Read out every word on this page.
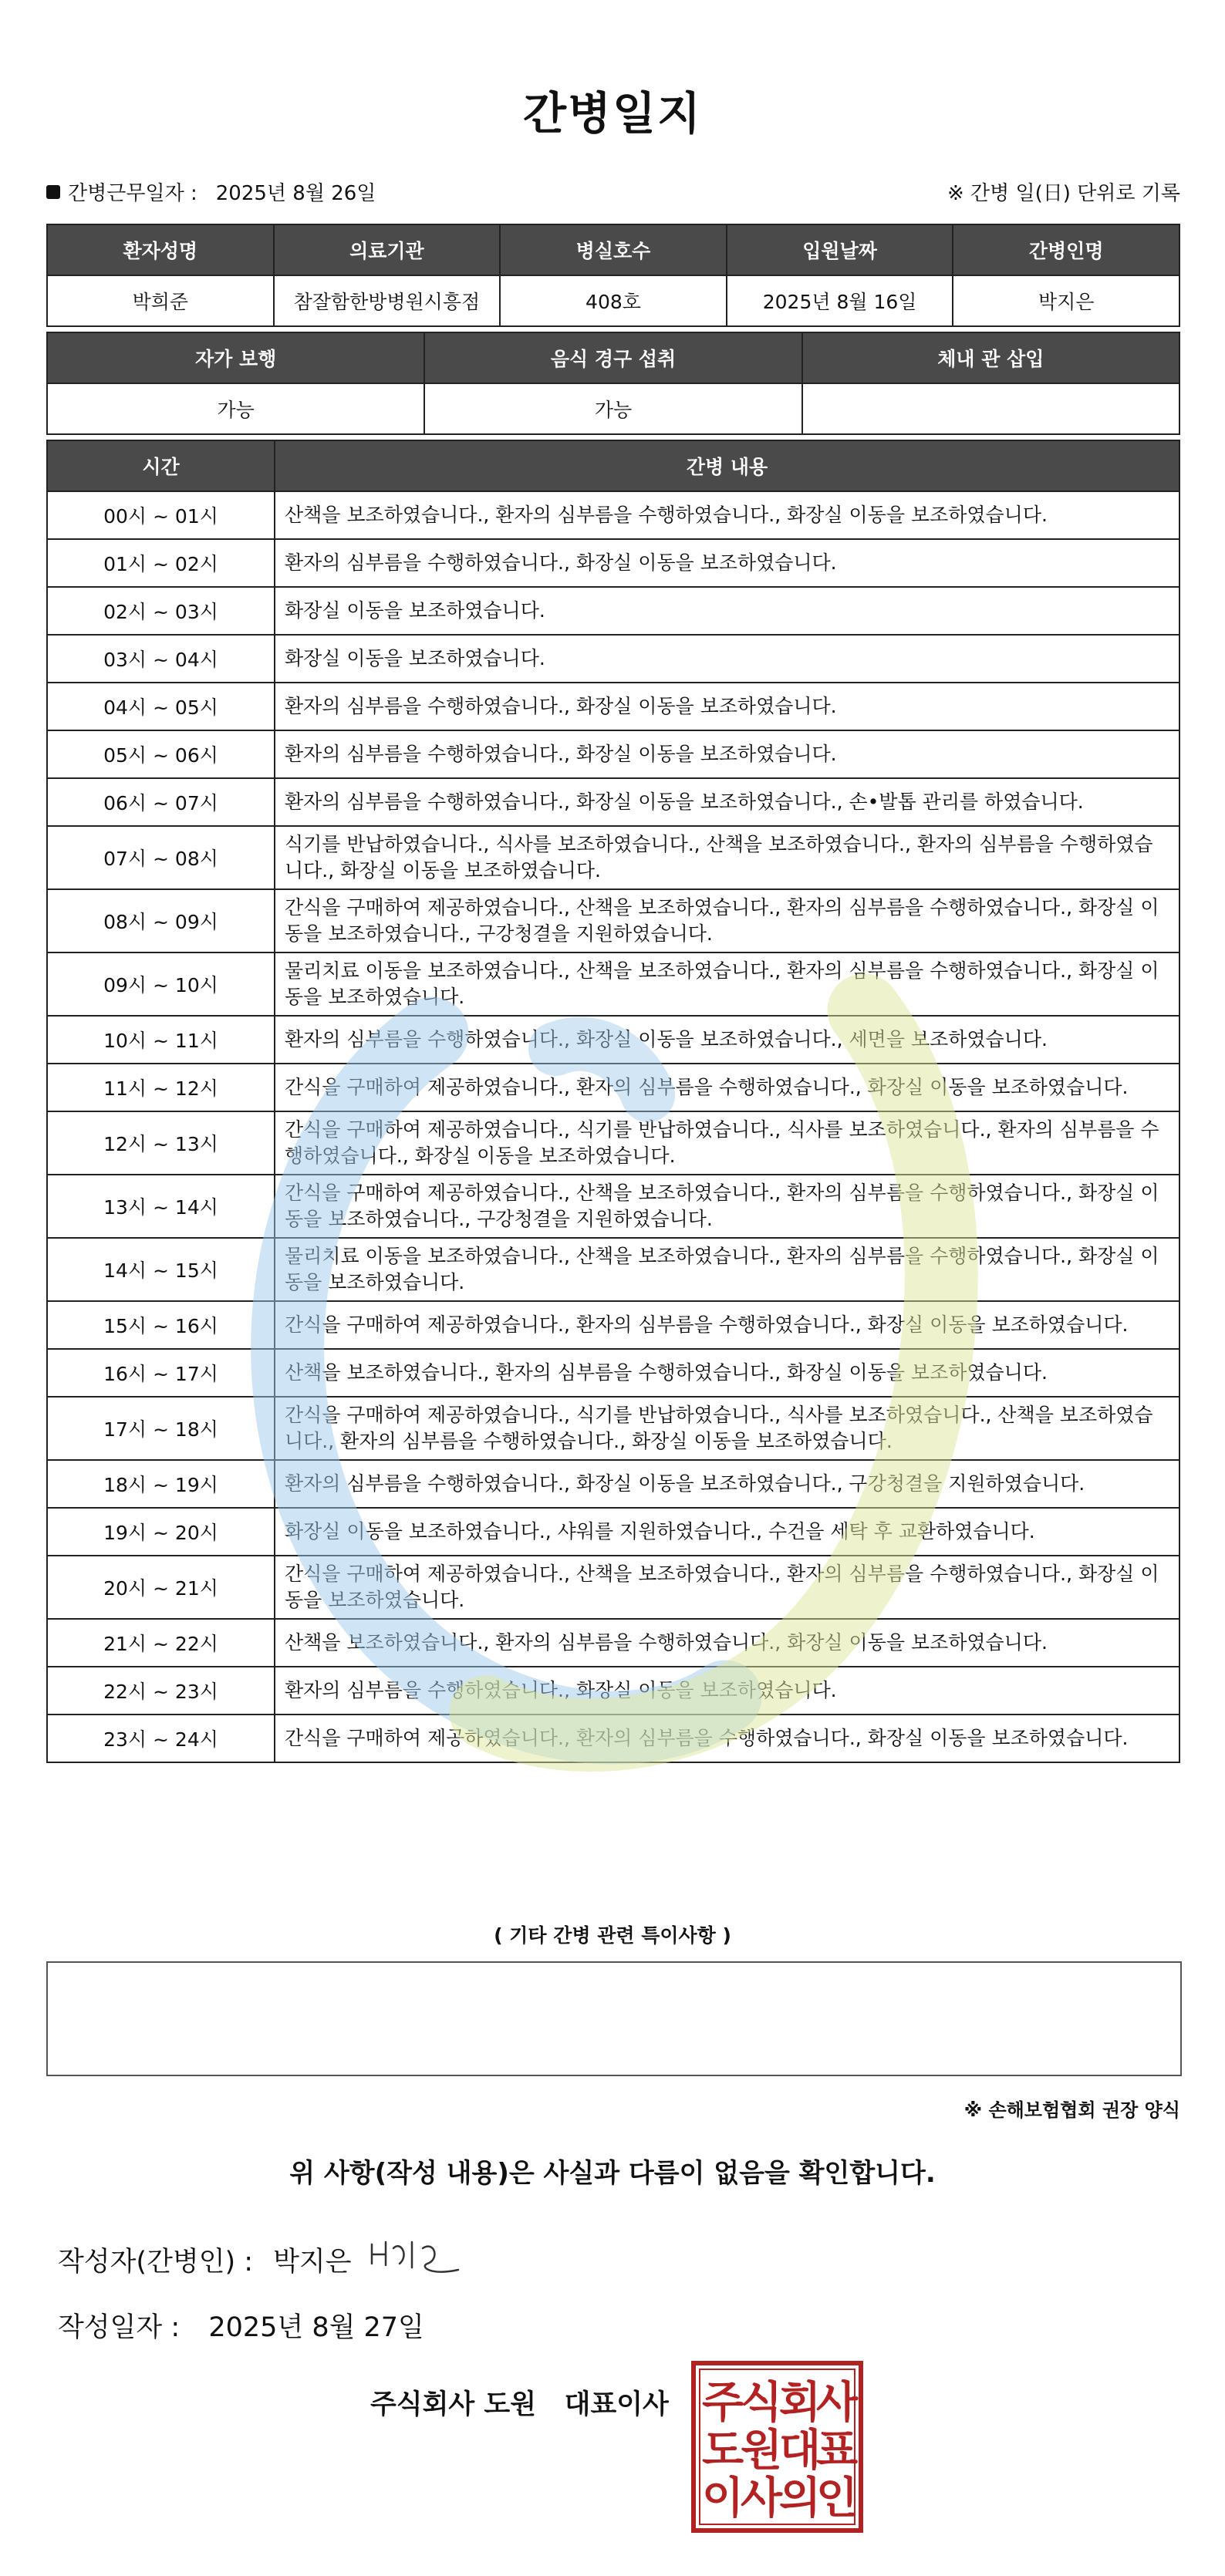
간병일지
간병근무일자 : 2025년 8월 26일	※ 간병 일(日) 단위로 기록
환자성명	의료기관	병실호수	입원날짜	간병인명
박희준	참잘함한방병원시흥점	408호	2025년 8월 16일	박지은
자가 보행	음식 경구 섭취	체내 관 삽입
가능	가능	
시간	간병 내용
00시 ~ 01시	산책을 보조하였습니다., 환자의 심부름을 수행하였습니다., 화장실 이동을 보조하였습니다.
01시 ~ 02시	환자의 심부름을 수행하였습니다., 화장실 이동을 보조하였습니다.
02시 ~ 03시	화장실 이동을 보조하였습니다.
03시 ~ 04시	화장실 이동을 보조하였습니다.
04시 ~ 05시	환자의 심부름을 수행하였습니다., 화장실 이동을 보조하였습니다.
05시 ~ 06시	환자의 심부름을 수행하였습니다., 화장실 이동을 보조하였습니다.
06시 ~ 07시	환자의 심부름을 수행하였습니다., 화장실 이동을 보조하였습니다., 손•발톱 관리를 하였습니다.
07시 ~ 08시	식기를 반납하였습니다., 식사를 보조하였습니다., 산책을 보조하였습니다., 환자의 심부름을 수행하였습니다., 화장실 이동을 보조하였습니다.
08시 ~ 09시	간식을 구매하여 제공하였습니다., 산책을 보조하였습니다., 환자의 심부름을 수행하였습니다., 화장실 이동을 보조하였습니다., 구강청결을 지원하였습니다.
09시 ~ 10시	물리치료 이동을 보조하였습니다., 산책을 보조하였습니다., 환자의 심부름을 수행하였습니다., 화장실 이동을 보조하였습니다.
10시 ~ 11시	환자의 심부름을 수행하였습니다., 화장실 이동을 보조하였습니다., 세면을 보조하였습니다.
11시 ~ 12시	간식을 구매하여 제공하였습니다., 환자의 심부름을 수행하였습니다., 화장실 이동을 보조하였습니다.
12시 ~ 13시	간식을 구매하여 제공하였습니다., 식기를 반납하였습니다., 식사를 보조하였습니다., 환자의 심부름을 수행하였습니다., 화장실 이동을 보조하였습니다.
13시 ~ 14시	간식을 구매하여 제공하였습니다., 산책을 보조하였습니다., 환자의 심부름을 수행하였습니다., 화장실 이동을 보조하였습니다., 구강청결을 지원하였습니다.
14시 ~ 15시	물리치료 이동을 보조하였습니다., 산책을 보조하였습니다., 환자의 심부름을 수행하였습니다., 화장실 이동을 보조하였습니다.
15시 ~ 16시	간식을 구매하여 제공하였습니다., 환자의 심부름을 수행하였습니다., 화장실 이동을 보조하였습니다.
16시 ~ 17시	산책을 보조하였습니다., 환자의 심부름을 수행하였습니다., 화장실 이동을 보조하였습니다.
17시 ~ 18시	간식을 구매하여 제공하였습니다., 식기를 반납하였습니다., 식사를 보조하였습니다., 산책을 보조하였습니다., 환자의 심부름을 수행하였습니다., 화장실 이동을 보조하였습니다.
18시 ~ 19시	환자의 심부름을 수행하였습니다., 화장실 이동을 보조하였습니다., 구강청결을 지원하였습니다.
19시 ~ 20시	화장실 이동을 보조하였습니다., 샤워를 지원하였습니다., 수건을 세탁 후 교환하였습니다.
20시 ~ 21시	간식을 구매하여 제공하였습니다., 산책을 보조하였습니다., 환자의 심부름을 수행하였습니다., 화장실 이동을 보조하였습니다.
21시 ~ 22시	산책을 보조하였습니다., 환자의 심부름을 수행하였습니다., 화장실 이동을 보조하였습니다.
22시 ~ 23시	환자의 심부름을 수행하였습니다., 화장실 이동을 보조하였습니다.
23시 ~ 24시	간식을 구매하여 제공하였습니다., 환자의 심부름을 수행하였습니다., 화장실 이동을 보조하였습니다.
( 기타 간병 관련 특이사항 )
※ 손해보험협회 권장 양식
위 사항(작성 내용)은 사실과 다름이 없음을 확인합니다.
작성자(간병인) : 박지은
작성일자 : 2025년 8월 27일
주식회사 도원   대표이사 주
식
회
사
도
원
대
표
이
사
의
인
